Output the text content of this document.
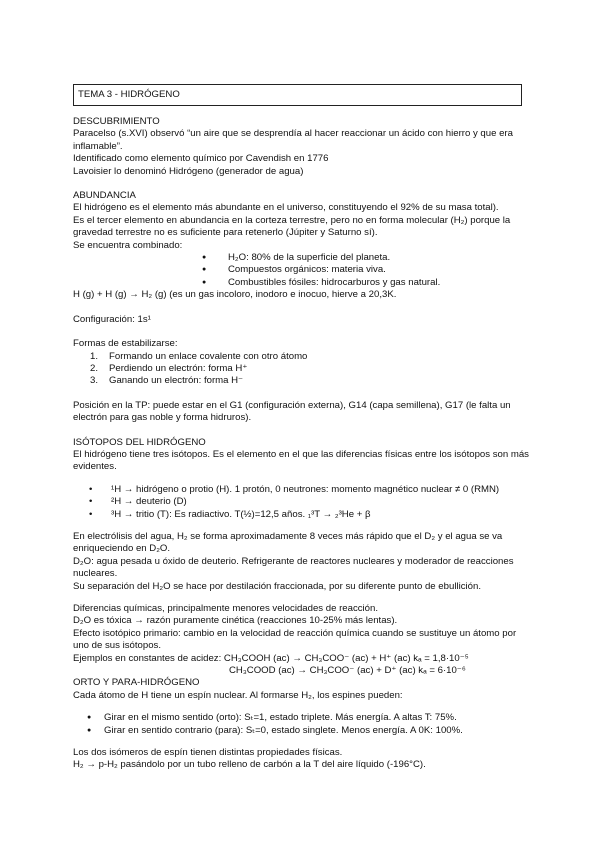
TEMA 3 - HIDRÓGENO

DESCUBRIMIENTO

Paracelso (s.XVI) observó “un aire que se desprendía al hacer reaccionar un ácido con hierro y que era inflamable”.

Identificado como elemento químico por Cavendish en 1776

Lavoisier lo denominó Hidrógeno (generador de agua)

ABUNDANCIA

El hidrógeno es el elemento más abundante en el universo, constituyendo el 92% de su masa total).

Es el tercer elemento en abundancia en la corteza terrestre, pero no en forma molecular (H₂) porque la gravedad terrestre no es suficiente para retenerlo (Júpiter y Saturno sí).

Se encuentra combinado:

● H₂O: 80% de la superficie del planeta.
● Compuestos orgánicos: materia viva.
● Combustibles fósiles: hidrocarburos y gas natural.

H (g) + H (g) → H₂ (g) (es un gas incoloro, inodoro e inocuo, hierve a 20,3K.

Configuración: 1s¹

Formas de estabilizarse:

1. Formando un enlace covalente con otro átomo
2. Perdiendo un electrón: forma H⁺
3. Ganando un electrón: forma H⁻

Posición en la TP: puede estar en el G1 (configuración externa), G14 (capa semillena), G17 (le falta un electrón para gas noble y forma hidruros).

ISÓTOPOS DEL HIDRÓGENO

El hidrógeno tiene tres isótopos. Es el elemento en el que las diferencias físicas entre los isótopos son más evidentes.

• ¹H → hidrógeno o protio (H). 1 protón, 0 neutrones: momento magnético nuclear ≠ 0 (RMN)
• ²H → deuterio (D)
• ³H → tritio (T): Es radiactivo. T(½)=12,5 años. ₁³T → ₂³He + β

En electrólisis del agua, H₂ se forma aproximadamente 8 veces más rápido que el D₂ y el agua se va enriqueciendo en D₂O.

D₂O: agua pesada u óxido de deuterio. Refrigerante de reactores nucleares y moderador de reacciones nucleares.

Su separación del H₂O se hace por destilación fraccionada, por su diferente punto de ebullición.

Diferencias químicas, principalmente menores velocidades de reacción.

D₂O es tóxica → razón puramente cinética (reacciones 10-25% más lentas).

Efecto isotópico primario: cambio en la velocidad de reacción química cuando se sustituye un átomo por uno de sus isótopos.

Ejemplos en constantes de acidez: CH₃COOH (ac) → CH₃COO⁻ (ac) + H⁺ (ac) kₐ = 1,8·10⁻⁵

CH₃COOD (ac) → CH₃COO⁻ (ac) + D⁺ (ac) kₐ = 6·10⁻⁶

ORTO Y PARA-HIDRÓGENO

Cada átomo de H tiene un espín nuclear. Al formarse H₂, los espines pueden:

● Girar en el mismo sentido (orto): Sₜ=1, estado triplete. Más energía. A altas T: 75%.
● Girar en sentido contrario (para): Sₜ=0, estado singlete. Menos energía. A 0K: 100%.

Los dos isómeros de espín tienen distintas propiedades físicas.

H₂ → p-H₂ pasándolo por un tubo relleno de carbón a la T del aire líquido (-196°C).
